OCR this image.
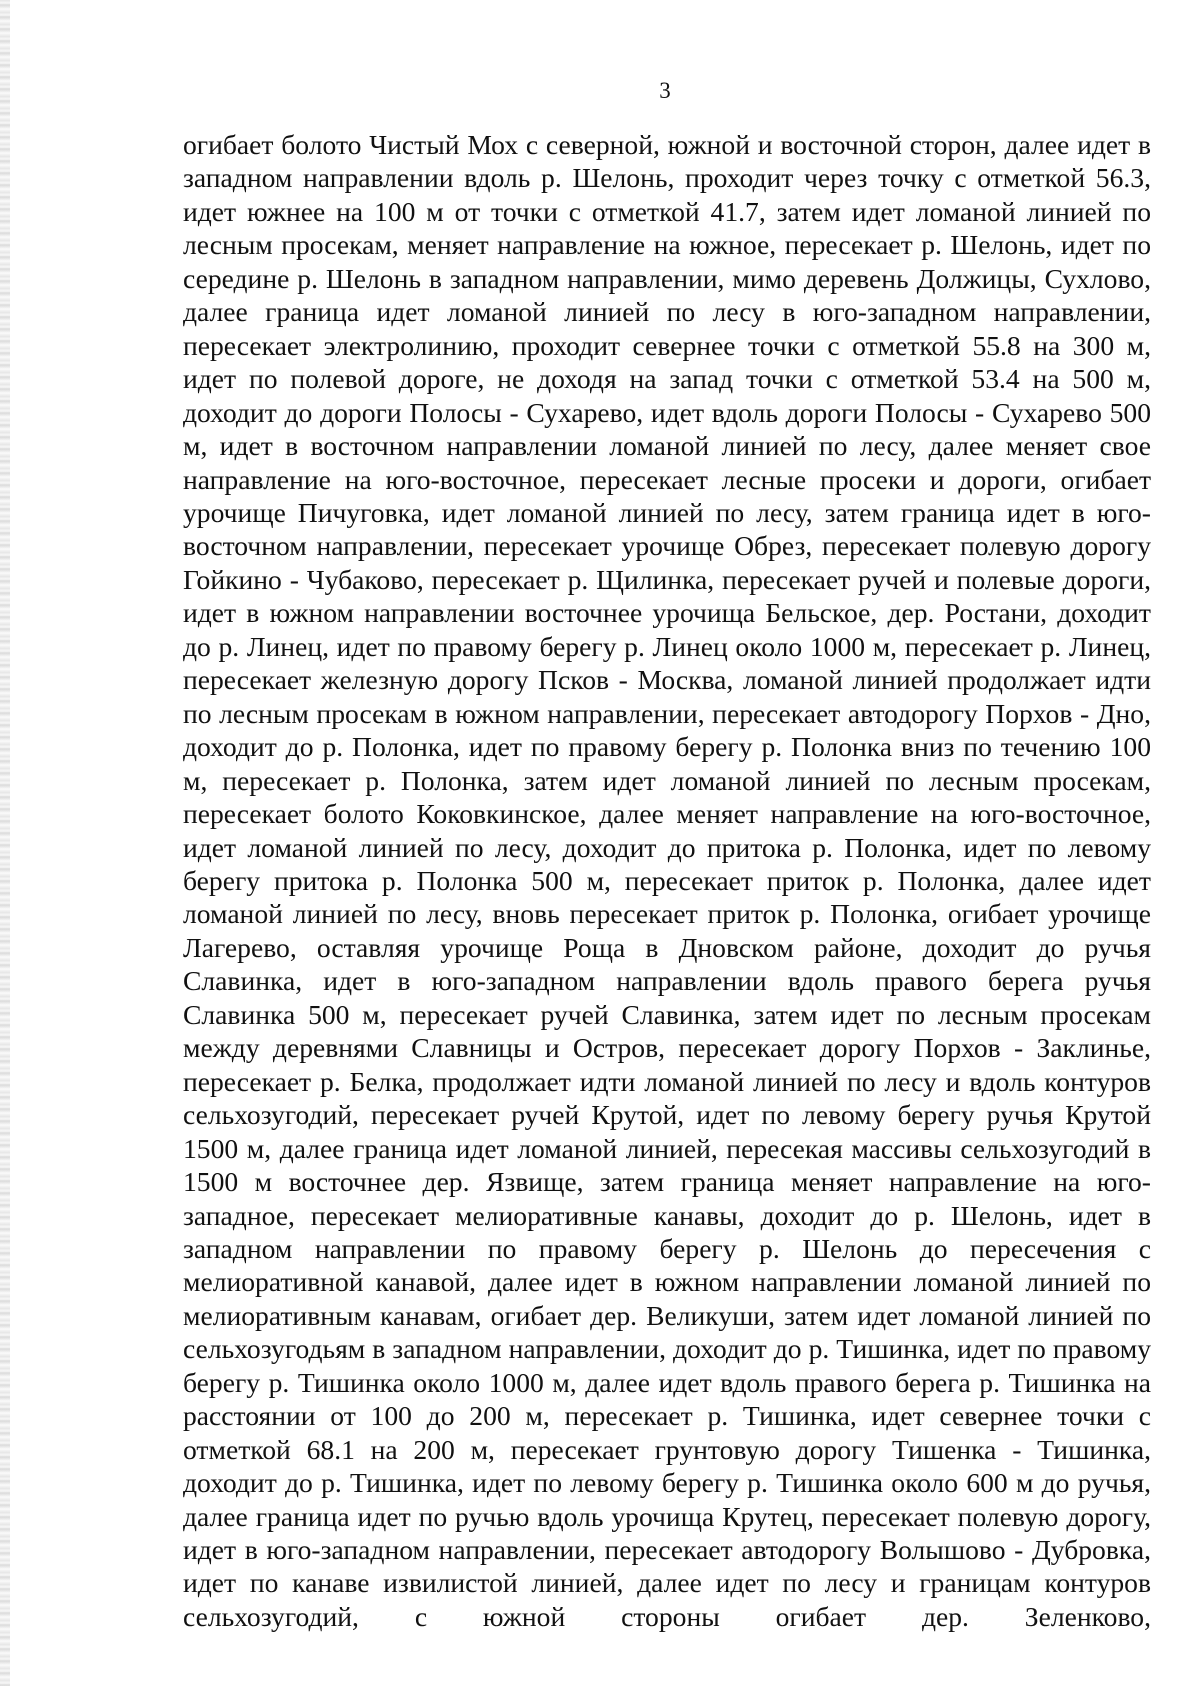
3

огибает болото Чистый Мох с северной, южной и восточной сторон, далее идет в западном направлении вдоль р. Шелонь, проходит через точку с отметкой 56.3, идет южнее на 100 м от точки с отметкой 41.7, затем идет ломаной линией по лесным просекам, меняет направление на южное, пересекает р. Шелонь, идет по середине р. Шелонь в западном направлении, мимо деревень Должицы, Сухлово, далее граница идет ломаной линией по лесу в юго-западном направлении, пересекает электролинию, проходит севернее точки с отметкой 55.8 на 300 м, идет по полевой дороге, не доходя на запад точки с отметкой 53.4 на 500 м, доходит до дороги Полосы - Сухарево, идет вдоль дороги Полосы - Сухарево 500 м, идет в восточном направлении ломаной линией по лесу, далее меняет свое направление на юго-восточное, пересекает лесные просеки и дороги, огибает урочище Пичуговка, идет ломаной линией по лесу, затем граница идет в юго-восточном направлении, пересекает урочище Обрез, пересекает полевую дорогу Гойкино - Чубаково, пересекает р. Щилинка, пересекает ручей и полевые дороги, идет в южном направлении восточнее урочища Бельское, дер. Ростани, доходит до р. Линец, идет по правому берегу р. Линец около 1000 м, пересекает р. Линец, пересекает железную дорогу Псков - Москва, ломаной линией продолжает идти по лесным просекам в южном направлении, пересекает автодорогу Порхов - Дно, доходит до р. Полонка, идет по правому берегу р. Полонка вниз по течению 100 м, пересекает р. Полонка, затем идет ломаной линией по лесным просекам, пересекает болото Коковкинское, далее меняет направление на юго-восточное, идет ломаной линией по лесу, доходит до притока р. Полонка, идет по левому берегу притока р. Полонка 500 м, пересекает приток р. Полонка, далее идет ломаной линией по лесу, вновь пересекает приток р. Полонка, огибает урочище Лагерево, оставляя урочище Роща в Дновском районе, доходит до ручья Славинка, идет в юго-западном направлении вдоль правого берега ручья Славинка 500 м, пересекает ручей Славинка, затем идет по лесным просекам между деревнями Славницы и Остров, пересекает дорогу Порхов - Заклинье, пересекает р. Белка, продолжает идти ломаной линией по лесу и вдоль контуров сельхозугодий, пересекает ручей Крутой, идет по левому берегу ручья Крутой 1500 м, далее граница идет ломаной линией, пересекая массивы сельхозугодий в 1500 м восточнее дер. Язвище, затем граница меняет направление на юго-западное, пересекает мелиоративные канавы, доходит до р. Шелонь, идет в западном направлении по правому берегу р. Шелонь до пересечения с мелиоративной канавой, далее идет в южном направлении ломаной линией по мелиоративным канавам, огибает дер. Великуши, затем идет ломаной линией по сельхозугодьям в западном направлении, доходит до р. Тишинка, идет по правому берегу р. Тишинка около 1000 м, далее идет вдоль правого берега р. Тишинка на расстоянии от 100 до 200 м, пересекает р. Тишинка, идет севернее точки с отметкой 68.1 на 200 м, пересекает грунтовую дорогу Тишенка - Тишинка, доходит до р. Тишинка, идет по левому берегу р. Тишинка около 600 м до ручья, далее граница идет по ручью вдоль урочища Крутец, пересекает полевую дорогу, идет в юго-западном направлении, пересекает автодорогу Волышово - Дубровка, идет по канаве извилистой линией, далее идет по лесу и границам контуров сельхозугодий, с южной стороны огибает дер. Зеленково,
